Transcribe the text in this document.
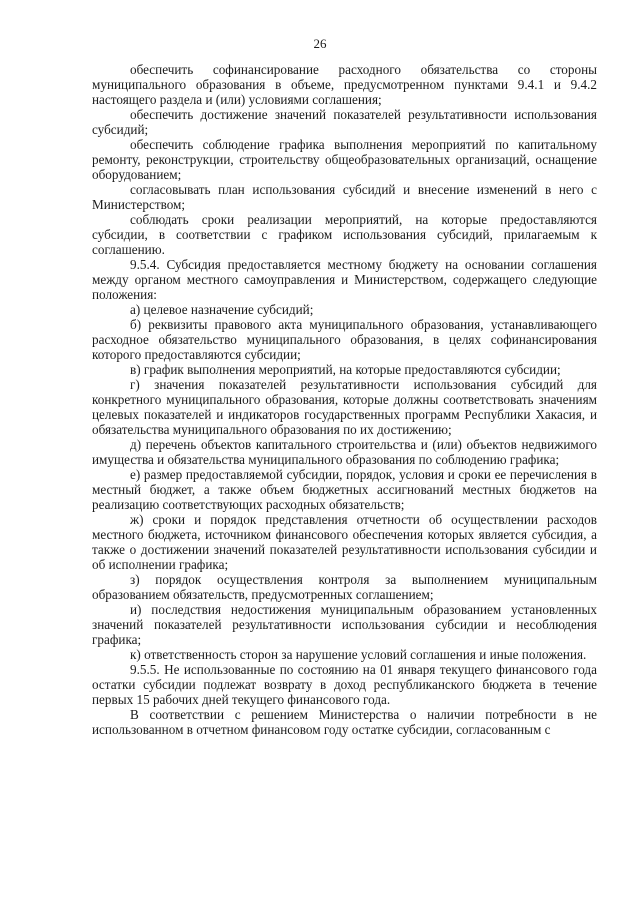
26

обеспечить софинансирование расходного обязательства со стороны муниципального образования в объеме, предусмотренном пунктами 9.4.1 и 9.4.2 настоящего раздела и (или) условиями соглашения;

обеспечить достижение значений показателей результативности использования субсидий;

обеспечить соблюдение графика выполнения мероприятий по капитальному ремонту, реконструкции, строительству общеобразовательных организаций, оснащение оборудованием;

согласовывать план использования субсидий и внесение изменений в него с Министерством;

соблюдать сроки реализации мероприятий, на которые предоставляются субсидии, в соответствии с графиком использования субсидий, прилагаемым к соглашению.

9.5.4. Субсидия предоставляется местному бюджету на основании соглашения между органом местного самоуправления и Министерством, содержащего следующие положения:

а) целевое назначение субсидий;

б) реквизиты правового акта муниципального образования, устанавливающего расходное обязательство муниципального образования, в целях софинансирования которого предоставляются субсидии;

в) график выполнения мероприятий, на которые предоставляются субсидии;

г) значения показателей результативности использования субсидий для конкретного муниципального образования, которые должны соответствовать значениям целевых показателей и индикаторов государственных программ Республики Хакасия, и обязательства муниципального образования по их достижению;

д) перечень объектов капитального строительства и (или) объектов недвижимого имущества и обязательства муниципального образования по соблюдению графика;

е) размер предоставляемой субсидии, порядок, условия и сроки ее перечисления в местный бюджет, а также объем бюджетных ассигнований местных бюджетов на реализацию соответствующих расходных обязательств;

ж) сроки и порядок представления отчетности об осуществлении расходов местного бюджета, источником финансового обеспечения которых является субсидия, а также о достижении значений показателей результативности использования субсидии и об исполнении графика;

з) порядок осуществления контроля за выполнением муниципальным образованием обязательств, предусмотренных соглашением;

и) последствия недостижения муниципальным образованием установленных значений показателей результативности использования субсидии и несоблюдения графика;

к) ответственность сторон за нарушение условий соглашения и иные положения.

9.5.5. Не использованные по состоянию на 01 января текущего финансового года остатки субсидии подлежат возврату в доход республиканского бюджета в течение первых 15 рабочих дней текущего финансового года.

В соответствии с решением Министерства о наличии потребности в не использованном в отчетном финансовом году остатке субсидии, согласованным с
